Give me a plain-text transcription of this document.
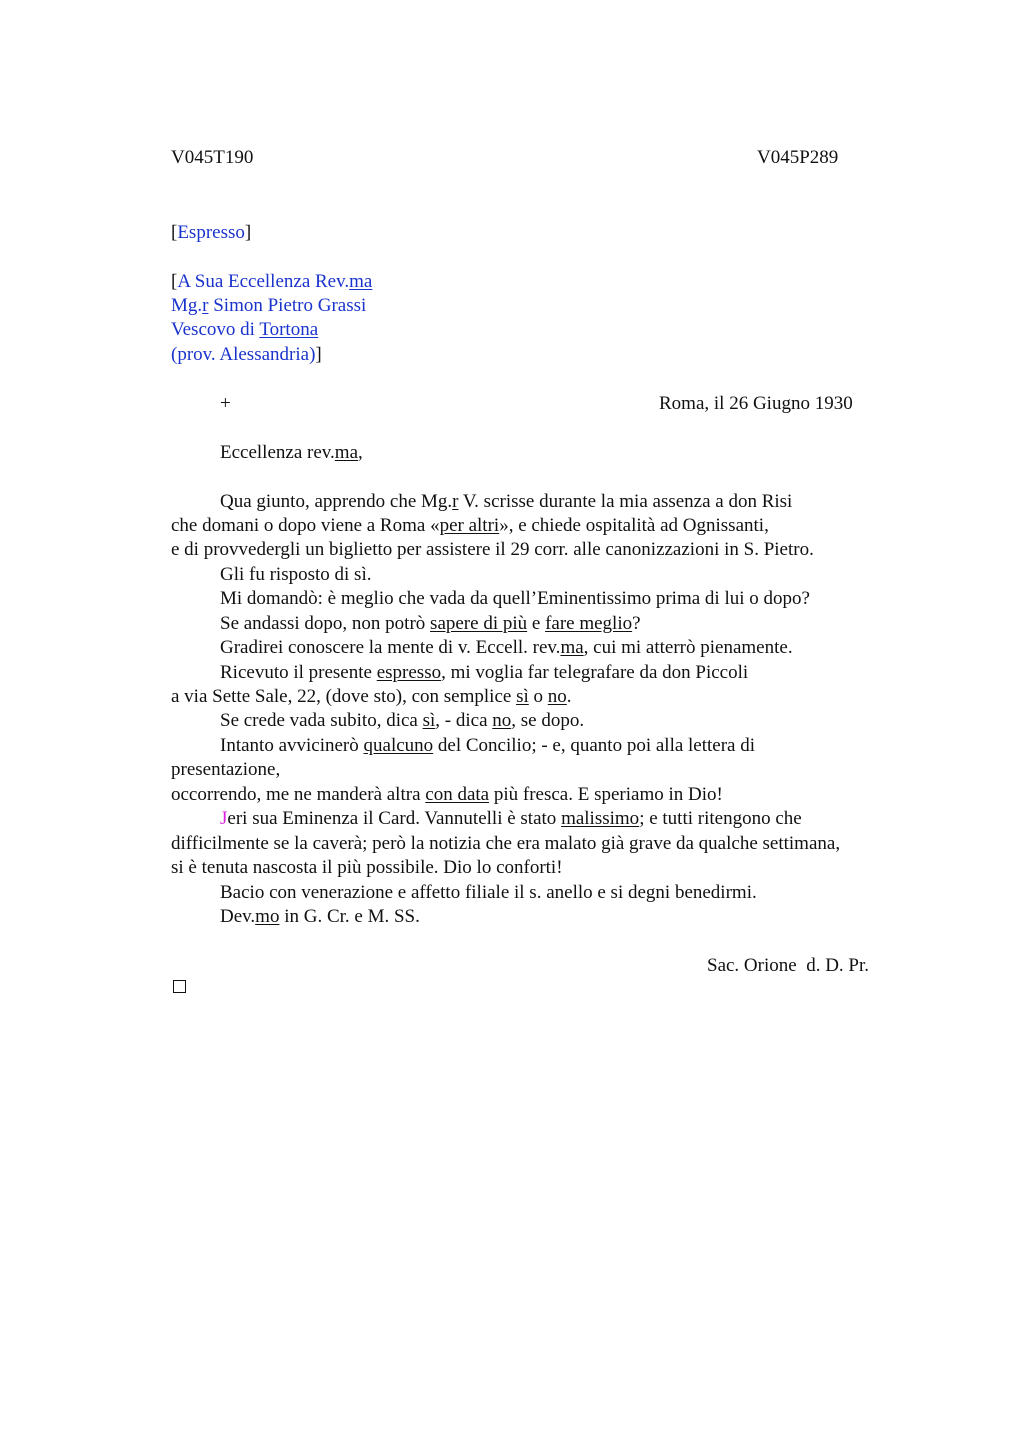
V045T190	V045P289
[Espresso]
[A Sua Eccellenza Rev.ma
Mg.r Simon Pietro Grassi
Vescovo di Tortona
(prov. Alessandria)]
+	Roma, il 26 Giugno 1930
Eccellenza rev.ma,
Qua giunto, apprendo che Mg.r V. scrisse durante la mia assenza a don Risi
che domani o dopo viene a Roma «per altri», e chiede ospitalità ad Ognissanti,
e di provvedergli un biglietto per assistere il 29 corr. alle canonizzazioni in S. Pietro.
Gli fu risposto di sì.
Mi domandò: è meglio che vada da quell’Eminentissimo prima di lui o dopo?
Se andassi dopo, non potrò sapere di più e fare meglio?
Gradirei conoscere la mente di v. Eccell. rev.ma, cui mi atterrò pienamente.
Ricevuto il presente espresso, mi voglia far telegrafare da don Piccoli
a via Sette Sale, 22, (dove sto), con semplice sì o no.
Se crede vada subito, dica sì, - dica no, se dopo.
Intanto avvicinerò qualcuno del Concilio; - e, quanto poi alla lettera di
presentazione,
occorrendo, me ne manderà altra con data più fresca. E speriamo in Dio!
Jeri sua Eminenza il Card. Vannutelli è stato malissimo; e tutti ritengono che
difficilmente se la caverà; però la notizia che era malato già grave da qualche settimana,
si è tenuta nascosta il più possibile. Dio lo conforti!
Bacio con venerazione e affetto filiale il s. anello e si degni benedirmi.
Dev.mo in G. Cr. e M. SS.
Sac. Orione  d. D. Pr.
